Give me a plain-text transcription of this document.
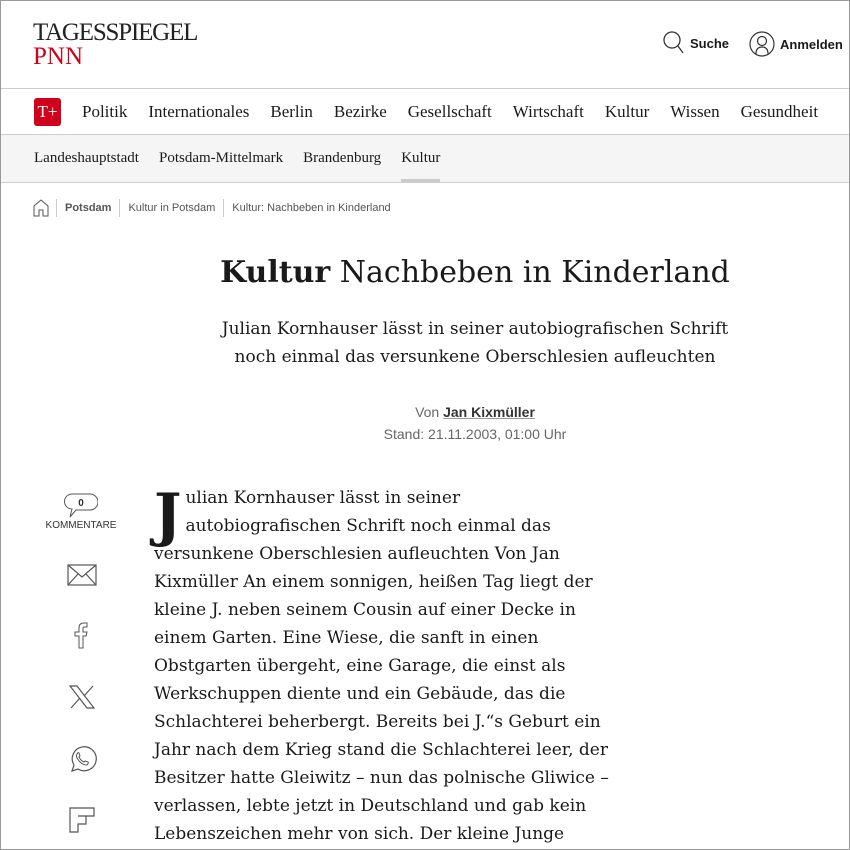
TAGESSPIEGEL
PNN	Suche	Anmelden
T+ Politik Internationales Berlin Bezirke Gesellschaft Wirtschaft Kultur Wissen Gesundheit
Landeshauptstadt Potsdam-Mittelmark Brandenburg Kultur
Potsdam	Kultur in Potsdam	Kultur: Nachbeben in Kinderland
Kultur Nachbeben in Kinderland
Julian Kornhauser lässt in seiner autobiografischen Schrift
noch einmal das versunkene Oberschlesien aufleuchten
Von Jan Kixmüller
Stand: 21.11.2003, 01:00 Uhr
0
KOMMENTARE J ulian Kornhauser lässt in seiner
autobiografischen Schrift noch einmal das
versunkene Oberschlesien aufleuchten Von Jan
Kixmüller An einem sonnigen, heißen Tag liegt der
kleine J. neben seinem Cousin auf einer Decke in
einem Garten. Eine Wiese, die sanft in einen
Obstgarten übergeht, eine Garage, die einst als
Werkschuppen diente und ein Gebäude, das die
Schlachterei beherbergt. Bereits bei J.“s Geburt ein
Jahr nach dem Krieg stand die Schlachterei leer, der
Besitzer hatte Gleiwitz – nun das polnische Gliwice –
verlassen, lebte jetzt in Deutschland und gab kein
Lebenszeichen mehr von sich. Der kleine Junge
